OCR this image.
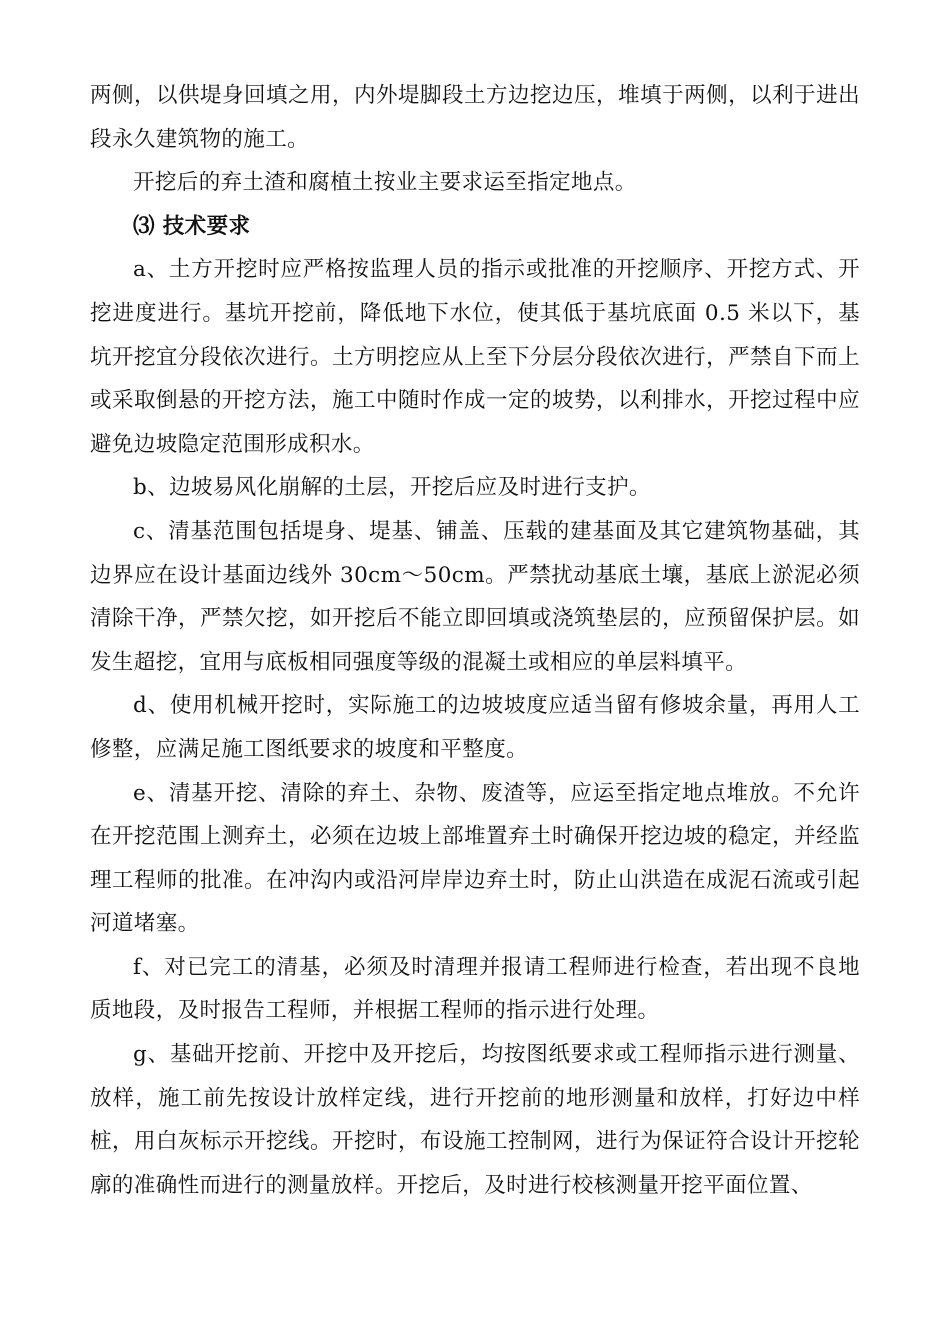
两侧，以供堤身回填之用，内外堤脚段土方边挖边压，堆填于两侧，以利于进出段永久建筑物的施工。

开挖后的弃土渣和腐植土按业主要求运至指定地点。

⑶ 技术要求

a、土方开挖时应严格按监理人员的指示或批准的开挖顺序、开挖方式、开挖进度进行。基坑开挖前，降低地下水位，使其低于基坑底面 0.5 米以下，基坑开挖宜分段依次进行。土方明挖应从上至下分层分段依次进行，严禁自下而上或采取倒悬的开挖方法，施工中随时作成一定的坡势，以利排水，开挖过程中应避免边坡隐定范围形成积水。

b、边坡易风化崩解的土层，开挖后应及时进行支护。

c、清基范围包括堤身、堤基、铺盖、压载的建基面及其它建筑物基础，其边界应在设计基面边线外 30cm～50cm。严禁扰动基底土壤，基底上淤泥必须清除干净，严禁欠挖，如开挖后不能立即回填或浇筑垫层的，应预留保护层。如发生超挖，宜用与底板相同强度等级的混凝土或相应的单层料填平。

d、使用机械开挖时，实际施工的边坡坡度应适当留有修坡余量，再用人工修整，应满足施工图纸要求的坡度和平整度。

e、清基开挖、清除的弃土、杂物、废渣等，应运至指定地点堆放。不允许在开挖范围上测弃土，必须在边坡上部堆置弃土时确保开挖边坡的稳定，并经监理工程师的批准。在冲沟内或沿河岸岸边弃土时，防止山洪造在成泥石流或引起河道堵塞。

f、对已完工的清基，必须及时清理并报请工程师进行检查，若出现不良地质地段，及时报告工程师，并根据工程师的指示进行处理。

g、基础开挖前、开挖中及开挖后，均按图纸要求或工程师指示进行测量、放样，施工前先按设计放样定线，进行开挖前的地形测量和放样，打好边中样桩，用白灰标示开挖线。开挖时，布设施工控制网，进行为保证符合设计开挖轮廓的准确性而进行的测量放样。开挖后，及时进行校核测量开挖平面位置、
